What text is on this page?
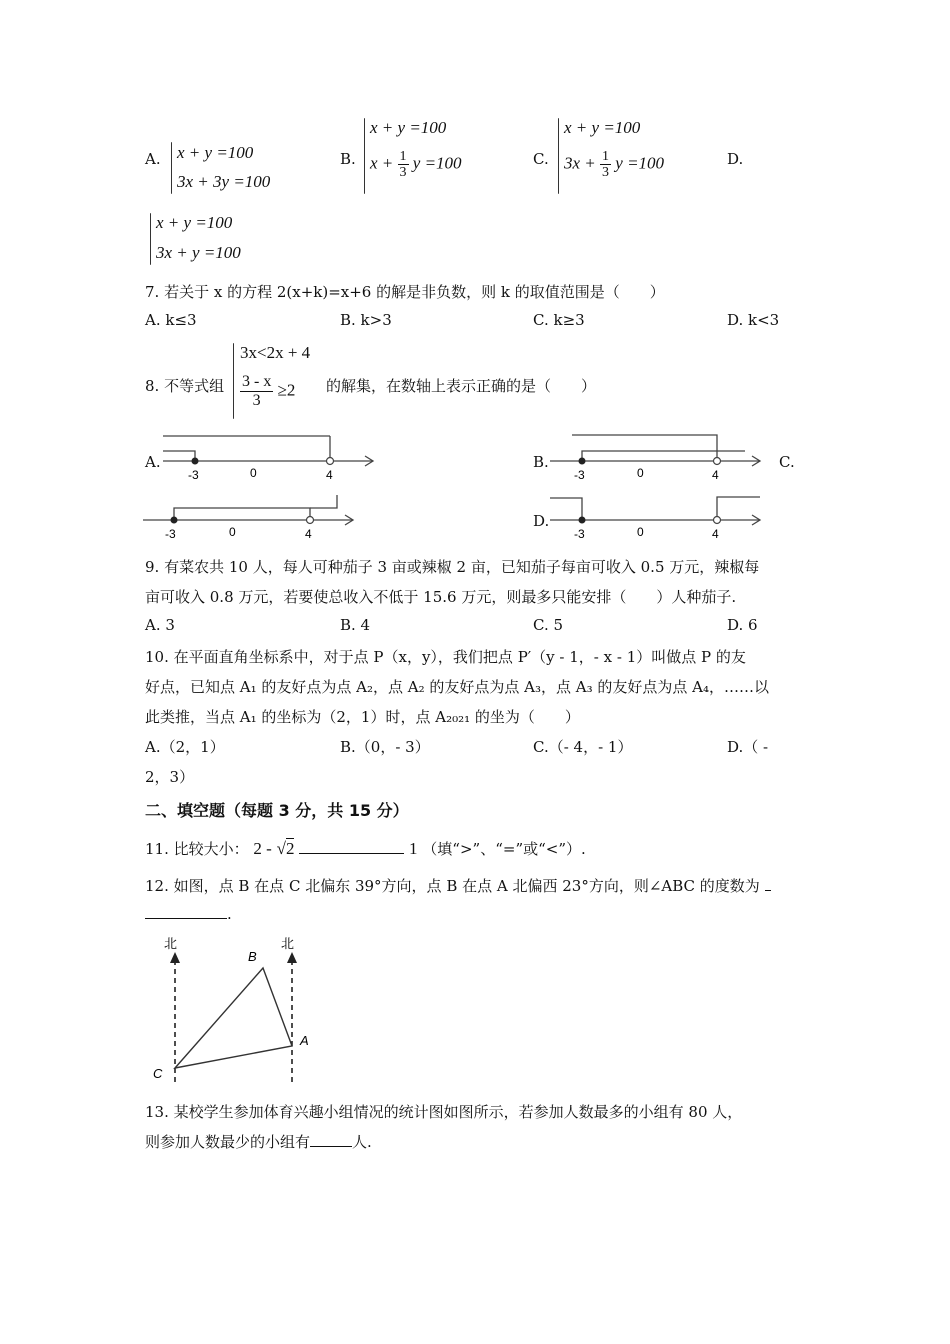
A. x + y =100
3x + 3y =100
B.
x + y =100
$x + \frac{1}{3}$ y =100	C.
x + y =100
$3x + \frac{1}{3}$ y =100	D.
x + y =100
3x + y =100
7. 若关于 x 的方程 2(x+k)=x+6 的解是非负数，则 k 的取值范围是（　　）
A. k≤3	B. k>3	C. k≥3	D. k<3
8. 不等式组
3x<2x + 4
$\frac{3 - x}{3} \ge 2$ 的解集，在数轴上表示正确的是（　　）
A.
-3	0	4
B.
-3	0	4
C.
-3	0	4
D.
-3	0	4
9. 有菜农共 10 人，每人可种茄子 3 亩或辣椒 2 亩，已知茄子每亩可收入 0.5 万元，辣椒每
亩可收入 0.8 万元，若要使总收入不低于 15.6 万元，则最多只能安排（　　）人种茄子.
A. 3	B. 4	C. 5	D. 6
10. 在平面直角坐标系中，对于点 P（x，y），我们把点 P′（y - 1，- x - 1）叫做点 P 的友
好点，已知点 A₁ 的友好点为点 A₂，点 A₂ 的友好点为点 A₃，点 A₃ 的友好点为点 A₄，……以
此类推，当点 A₁ 的坐标为（2，1）时，点 A₂₀₂₁ 的坐为（　　）
A.（2，1）	B.（0，- 3）	C.（- 4，- 1）	D.（ -
2，3）
二、填空题（每题 3 分，共 15 分）
11. 比较大小： 2 - √2	1 （填“>”、“=”或“<”）.
12. 如图，点 B 在点 C 北偏东 39°方向，点 B 在点 A 北偏西 23°方向，则∠ABC 的度数为
.
北	北
B
A
C
13. 某校学生参加体育兴趣小组情况的统计图如图所示，若参加人数最多的小组有 80 人，
则参加人数最少的小组有	人.
